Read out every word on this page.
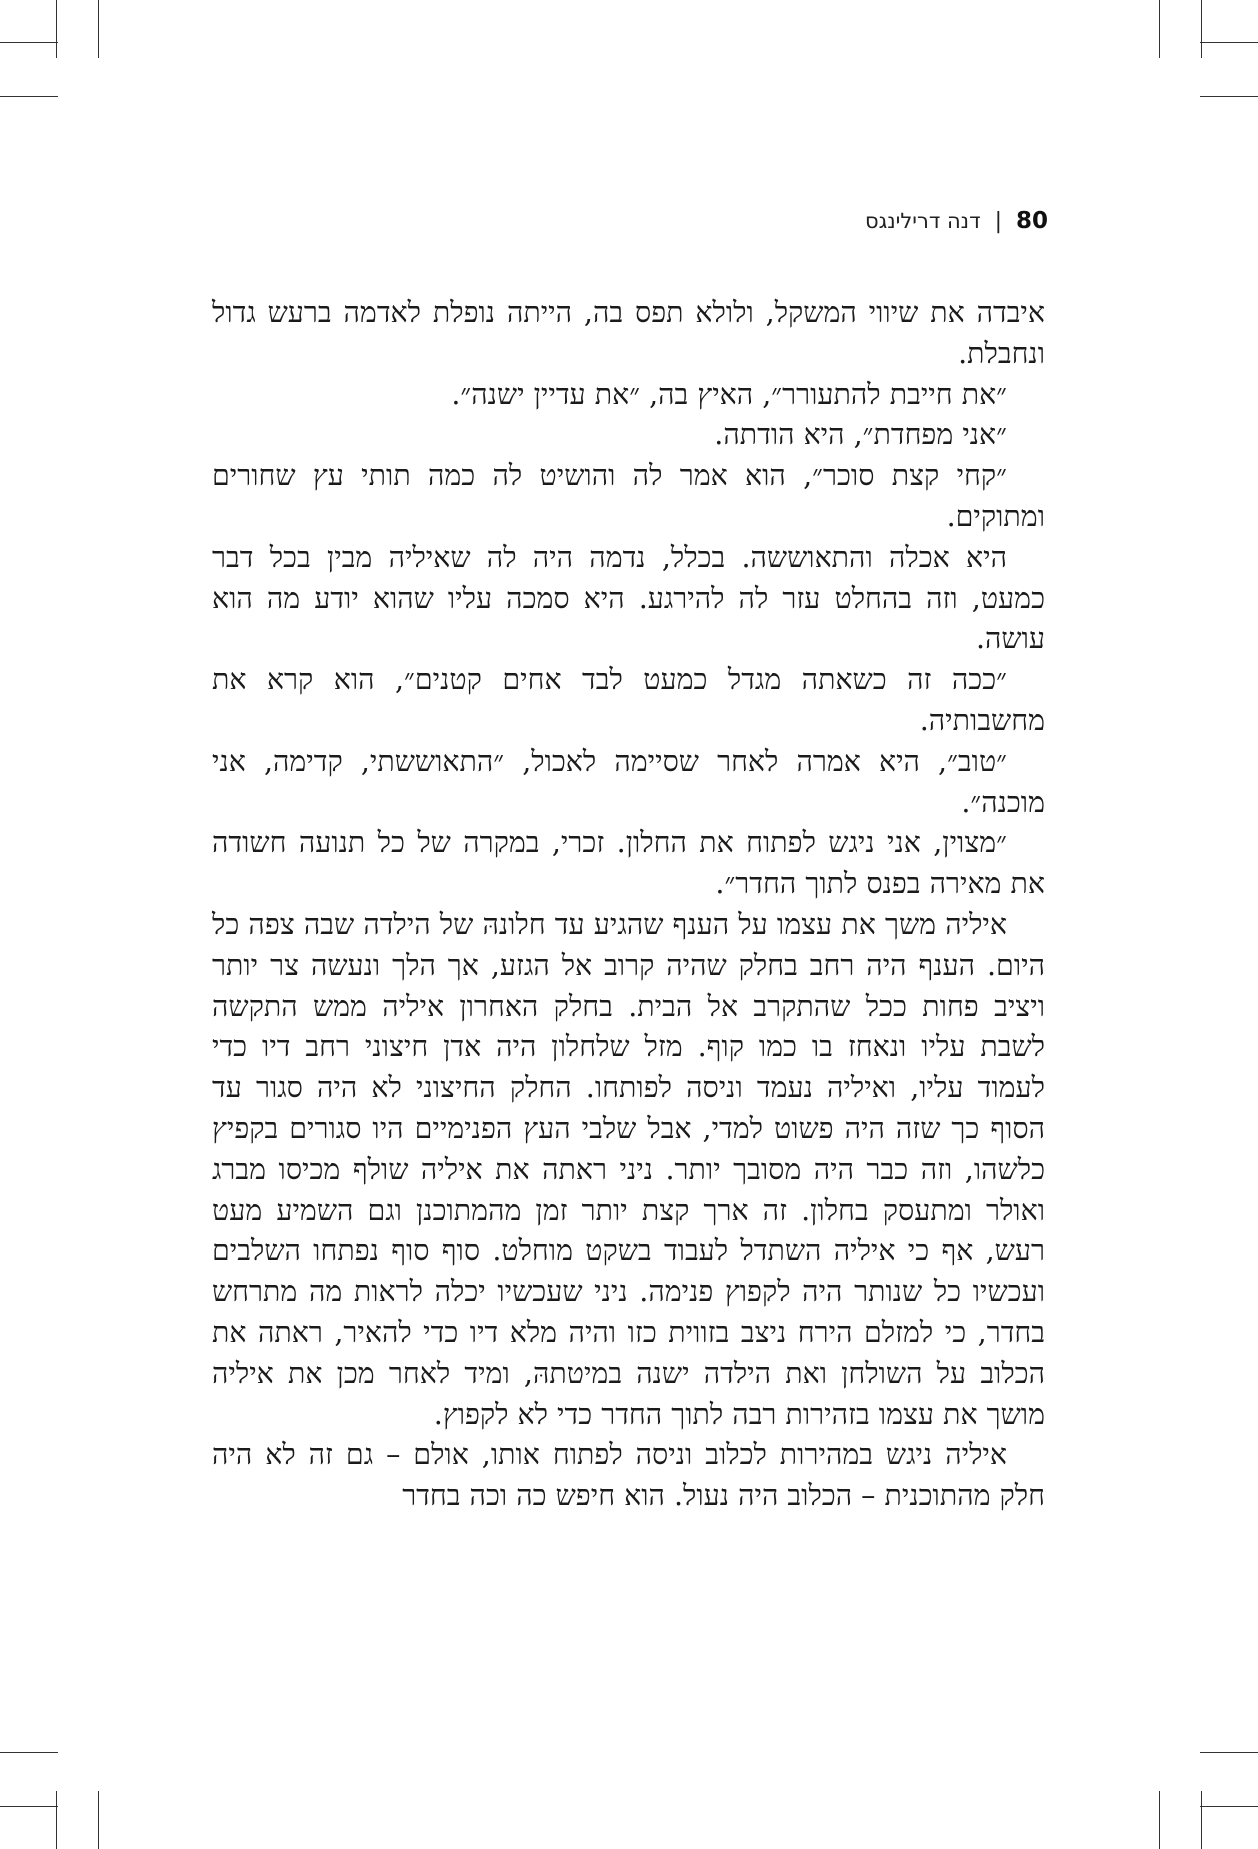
80
|
דנה דרילינגס

איבדה את שיווי המשקל, ולולא תפס בה, הייתה נופלת לאדמה ברעש גדול ונחבלת.

״את חייבת להתעורר״, האיץ בה, ״את עדיין ישנה״.

״אני מפחדת״, היא הודתה.

״קחי קצת סוכר״, הוא אמר לה והושיט לה כמה תותי עץ שחורים ומתוקים.

היא אכלה והתאוששה. בכלל, נדמה היה לה שאיליה מבין בכל דבר כמעט, וזה בהחלט עזר לה להירגע. היא סמכה עליו שהוא יודע מה הוא עושה.

״ככה זה כשאתה מגדל כמעט לבד אחים קטנים״, הוא קרא את מחשבותיה.

״טוב״, היא אמרה לאחר שסיימה לאכול, ״התאוששתי, קדימה, אני מוכנה״.

״מצוין, אני ניגש לפתוח את החלון. זכרי, במקרה של כל תנועה חשודה את מאירה בפנס לתוך החדר״.

איליה משך את עצמו על הענף שהגיע עד חלונהּ של הילדה שבה צפה כל היום. הענף היה רחב בחלק שהיה קרוב אל הגזע, אך הלך ונעשה צר יותר ויציב פחות ככל שהתקרב אל הבית. בחלק האחרון איליה ממש התקשה לשבת עליו ונאחז בו כמו קוף. מזל שלחלון היה אדן חיצוני רחב דיו כדי לעמוד עליו, ואיליה נעמד וניסה לפותחו. החלק החיצוני לא היה סגור עד הסוף כך שזה היה פשוט למדי, אבל שלבי העץ הפנימיים היו סגורים בקפיץ כלשהו, וזה כבר היה מסובך יותר. ניני ראתה את איליה שולף מכיסו מברג ואולר ומתעסק בחלון. זה ארך קצת יותר זמן מהמתוכנן וגם השמיע מעט רעש, אף כי איליה השתדל לעבוד בשקט מוחלט. סוף סוף נפתחו השלבים ועכשיו כל שנותר היה לקפוץ פנימה. ניני שעכשיו יכלה לראות מה מתרחש בחדר, כי למזלם הירח ניצב בזווית כזו והיה מלא דיו כדי להאיר, ראתה את הכלוב על השולחן ואת הילדה ישנה במיטתהּ, ומיד לאחר מכן את איליה מושך את עצמו בזהירות רבה לתוך החדר כדי לא לקפוץ.

איליה ניגש במהירות לכלוב וניסה לפתוח אותו, אולם – גם זה לא היה חלק מהתוכנית – הכלוב היה נעול. הוא חיפש כה וכה בחדר
